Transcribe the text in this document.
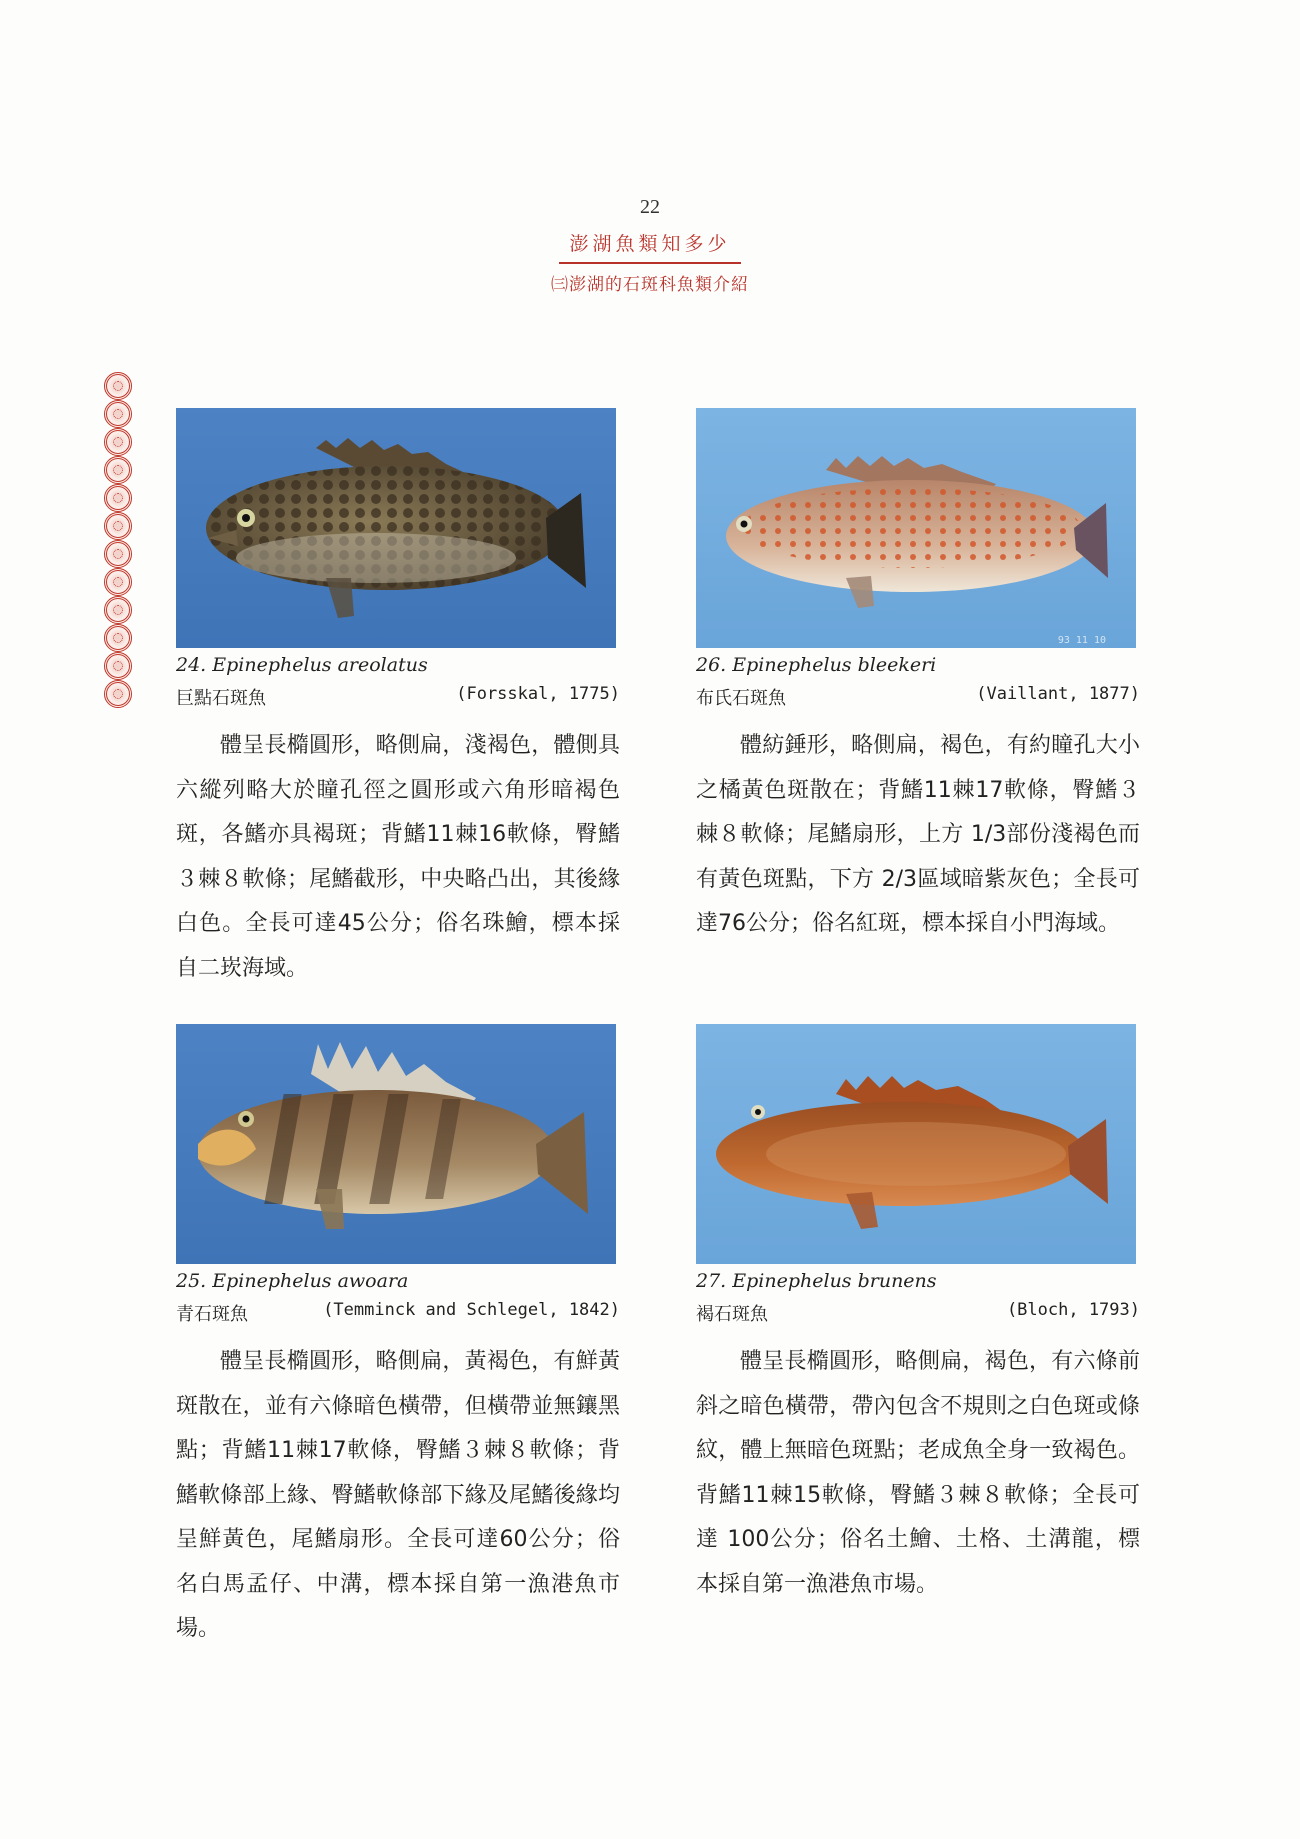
22
澎湖魚類知多少
㈢澎湖的石斑科魚類介紹
24. Epinephelus areolatus
巨點石斑魚	(Forsskal, 1775)
體呈長橢圓形，略側扁，淺褐色，體側具六縱列略大於瞳孔徑之圓形或六角形暗褐色斑，各鰭亦具褐斑；背鰭11棘16軟條，臀鰭３棘８軟條；尾鰭截形，中央略凸出，其後緣白色。全長可達45公分；俗名珠鱠，標本採自二崁海域。
93 11 10
26. Epinephelus bleekeri
布氏石斑魚	(Vaillant, 1877)
體紡錘形，略側扁，褐色，有約瞳孔大小之橘黃色斑散在；背鰭11棘17軟條，臀鰭３棘８軟條；尾鰭扇形，上方 1/3部份淺褐色而有黃色斑點，下方 2/3區域暗紫灰色；全長可達76公分；俗名紅斑，標本採自小門海域。
25. Epinephelus awoara
青石斑魚	(Temminck and Schlegel, 1842)
體呈長橢圓形，略側扁，黃褐色，有鮮黃斑散在，並有六條暗色橫帶，但橫帶並無鑲黑點；背鰭11棘17軟條，臀鰭３棘８軟條；背鰭軟條部上緣、臀鰭軟條部下緣及尾鰭後緣均呈鮮黃色，尾鰭扇形。全長可達60公分；俗名白馬孟仔、中溝，標本採自第一漁港魚市場。
27. Epinephelus brunens
褐石斑魚	(Bloch, 1793)
體呈長橢圓形，略側扁，褐色，有六條前斜之暗色橫帶，帶內包含不規則之白色斑或條紋，體上無暗色斑點；老成魚全身一致褐色。背鰭11棘15軟條，臀鰭３棘８軟條；全長可達 100公分；俗名土鱠、土格、土溝龍，標本採自第一漁港魚市場。
